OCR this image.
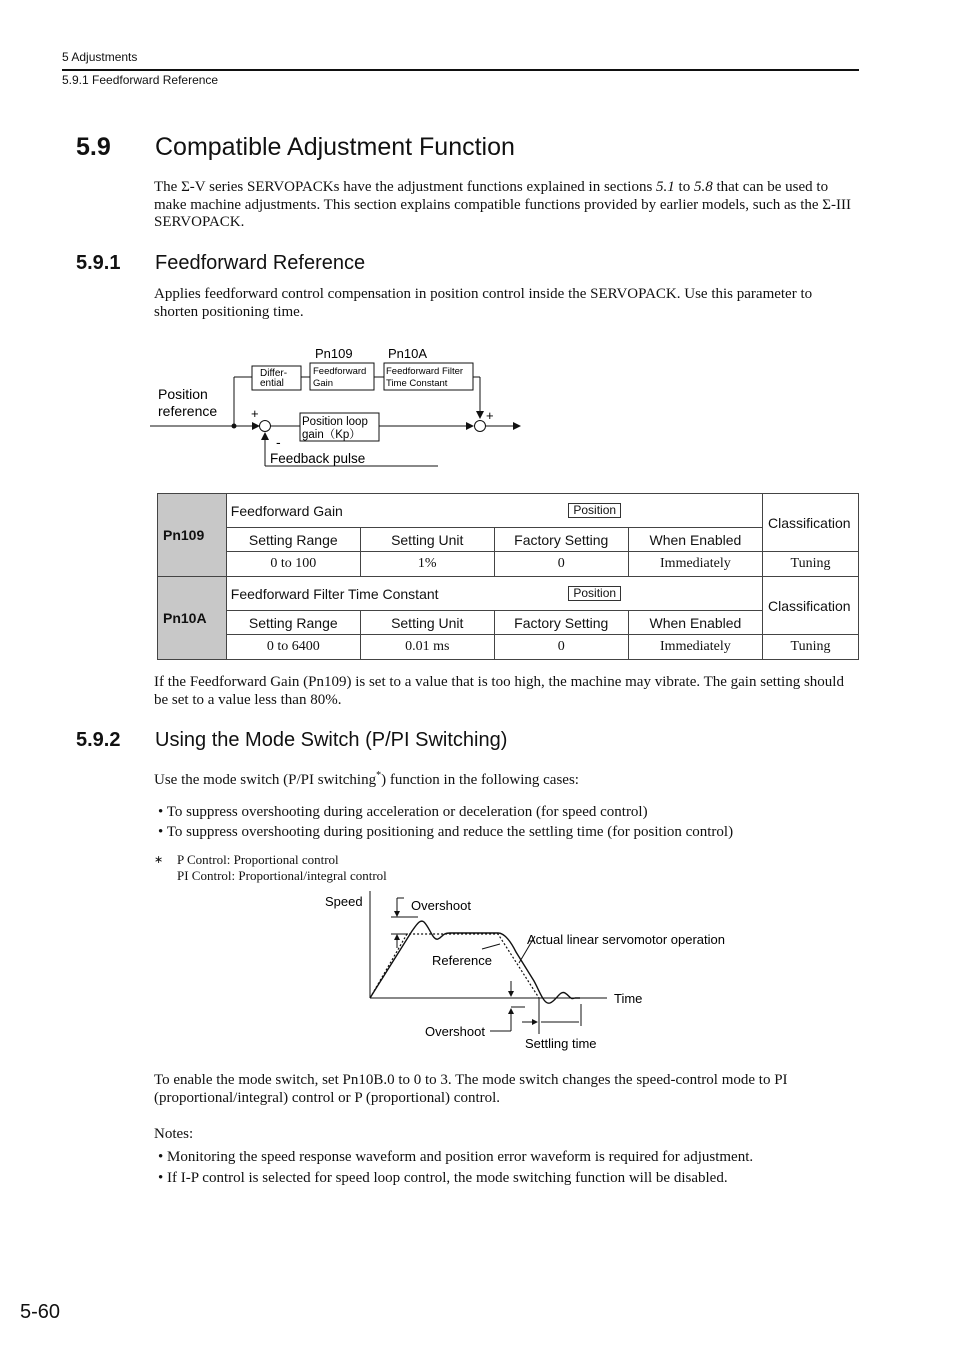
5 Adjustments
5.9.1 Feedforward Reference
5.9 Compatible Adjustment Function
The Σ-V series SERVOPACKs have the adjustment functions explained in sections 5.1 to 5.8 that can be used to make machine adjustments. This section explains compatible functions provided by earlier models, such as the Σ-III SERVOPACK.
5.9.1 Feedforward Reference
Applies feedforward control compensation in position control inside the SERVOPACK. Use this parameter to shorten positioning time.
Pn109	Pn10A
Differ-
ential
Feedforward
Gain
Feedforward Filter
Time Constant
Position
reference	+
-
Position loop
gain（Kp）
+
Feedback pulse
Pn109	Feedforward Gain Position				Classification
	Setting Range	Setting Unit	Factory Setting	When Enabled	
	0 to 100	1%	0	Immediately	Tuning
Pn10A	Feedforward Filter Time Constant Position				Classification
	Setting Range	Setting Unit	Factory Setting	When Enabled	
	0 to 6400	0.01 ms	0	Immediately	Tuning
If the Feedforward Gain (Pn109) is set to a value that is too high, the machine may vibrate. The gain setting should be set to a value less than 80%.
5.9.2 Using the Mode Switch (P/PI Switching)
Use the mode switch (P/PI switching*) function in the following cases:
• To suppress overshooting during acceleration or deceleration (for speed control)
• To suppress overshooting during positioning and reduce the settling time (for position control)
∗ P Control: Proportional control
PI Control: Proportional/integral control
Speed
Time
Overshoot
Reference
Actual linear servomotor operation
Overshoot
Settling time
To enable the mode switch, set Pn10B.0 to 0 to 3. The mode switch changes the speed-control mode to PI (proportional/integral) control or P (proportional) control.
Notes:
• Monitoring the speed response waveform and position error waveform is required for adjustment.
• If I-P control is selected for speed loop control, the mode switching function will be disabled.
5-60
